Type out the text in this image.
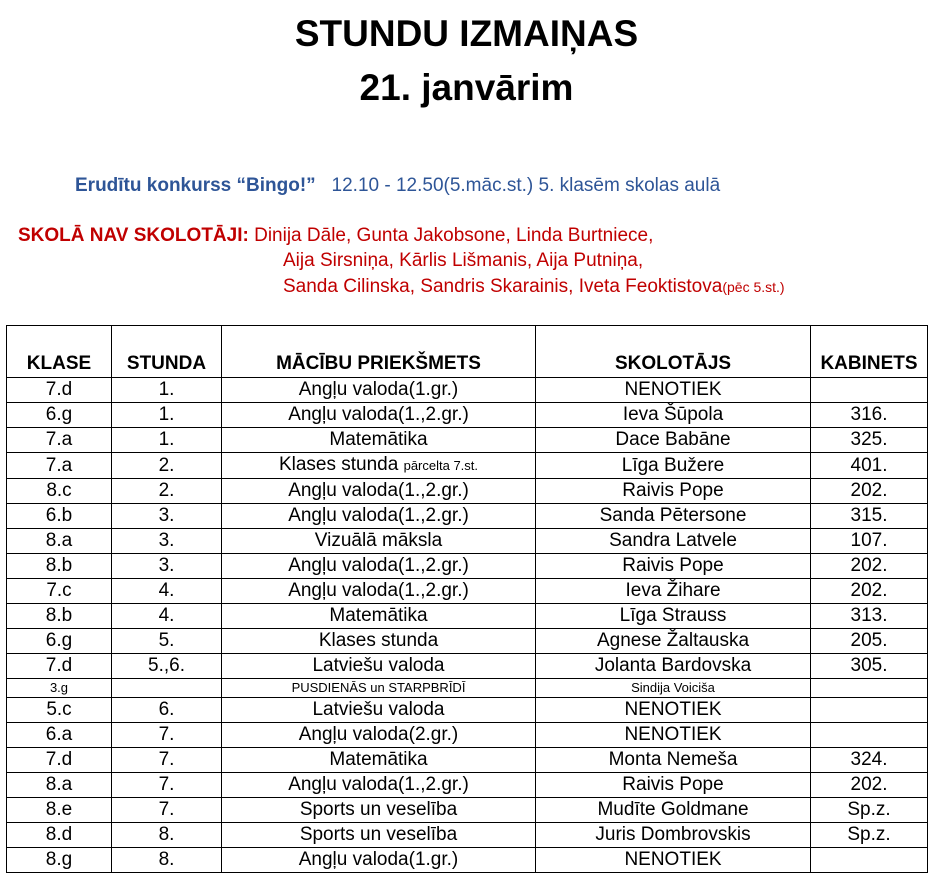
STUNDU IZMAIŅAS
21. janvārim
Erudītu konkurss “Bingo!” 12.10 - 12.50(5.māc.st.) 5. klasēm skolas aulā
SKOLĀ NAV SKOLOTĀJI: Dinija Dāle, Gunta Jakobsone, Linda Burtniece,
Aija Sirsniņa, Kārlis Lišmanis, Aija Putniņa,
Sanda Cilinska, Sandris Skarainis, Iveta Feoktistova(pēc 5.st.)
KLASE	STUNDA	MĀCĪBU PRIEKŠMETS	SKOLOTĀJS	KABINETS
7.d	1.	Angļu valoda(1.gr.)	NENOTIEK	
6.g	1.	Angļu valoda(1.,2.gr.)	Ieva Šūpola	316.
7.a	1.	Matemātika	Dace Babāne	325.
7.a	2.	Klases stunda pārcelta 7.st.	Līga Bužere	401.
8.c	2.	Angļu valoda(1.,2.gr.)	Raivis Pope	202.
6.b	3.	Angļu valoda(1.,2.gr.)	Sanda Pētersone	315.
8.a	3.	Vizuālā māksla	Sandra Latvele	107.
8.b	3.	Angļu valoda(1.,2.gr.)	Raivis Pope	202.
7.c	4.	Angļu valoda(1.,2.gr.)	Ieva Žihare	202.
8.b	4.	Matemātika	Līga Strauss	313.
6.g	5.	Klases stunda	Agnese Žaltauska	205.
7.d	5.,6.	Latviešu valoda	Jolanta Bardovska	305.
3.g		PUSDIENĀS un STARPBRĪDĪ	Sindija Voiciša	
5.c	6.	Latviešu valoda	NENOTIEK	
6.a	7.	Angļu valoda(2.gr.)	NENOTIEK	
7.d	7.	Matemātika	Monta Nemeša	324.
8.a	7.	Angļu valoda(1.,2.gr.)	Raivis Pope	202.
8.e	7.	Sports un veselība	Mudīte Goldmane	Sp.z.
8.d	8.	Sports un veselība	Juris Dombrovskis	Sp.z.
8.g	8.	Angļu valoda(1.gr.)	NENOTIEK	
